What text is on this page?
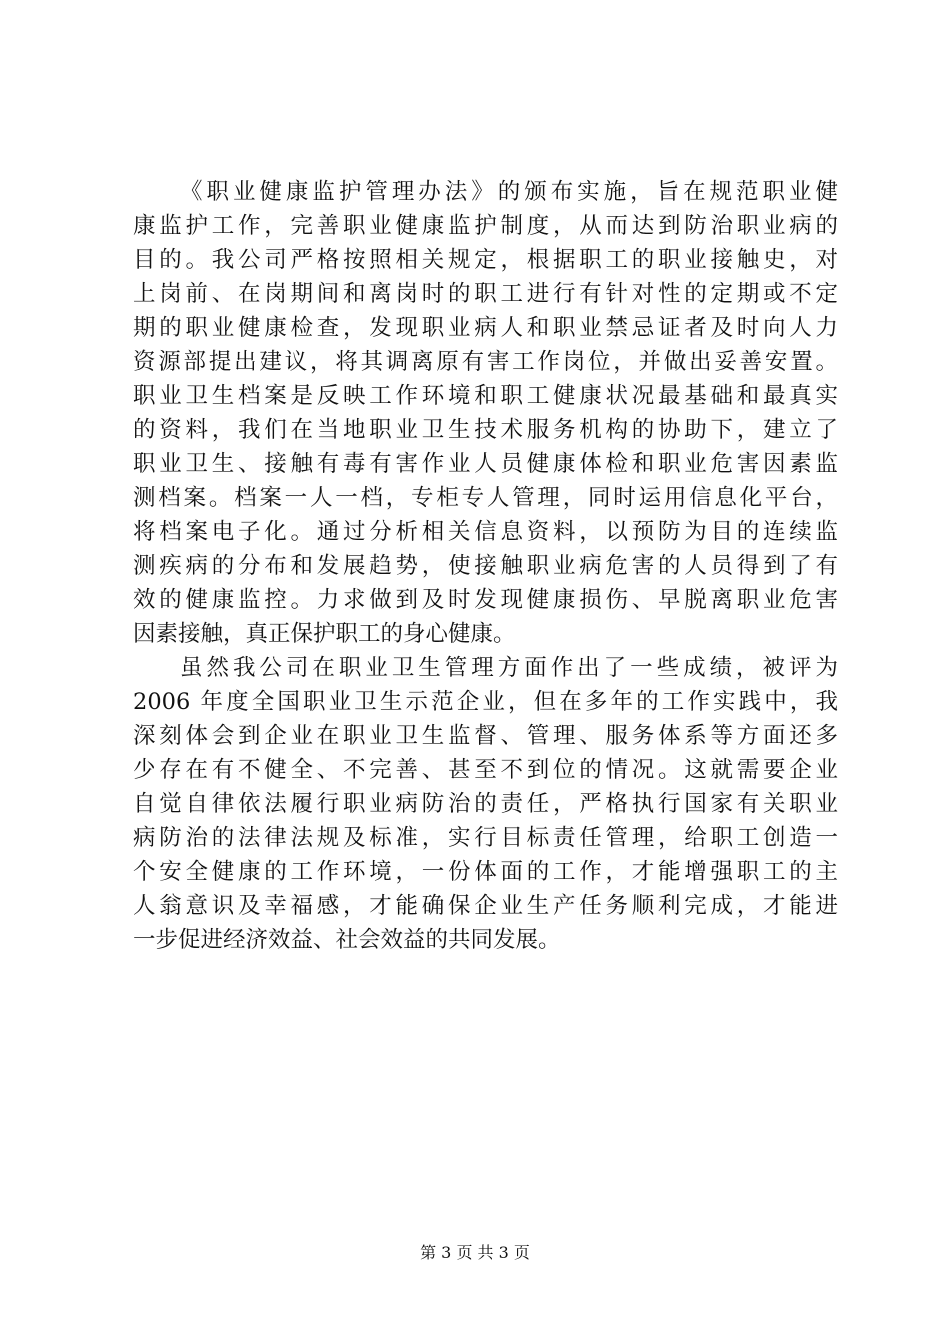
《职业健康监护管理办法》的颁布实施，旨在规范职业健
康监护工作，完善职业健康监护制度，从而达到防治职业病的
目的。我公司严格按照相关规定，根据职工的职业接触史，对
上岗前、在岗期间和离岗时的职工进行有针对性的定期或不定
期的职业健康检查，发现职业病人和职业禁忌证者及时向人力
资源部提出建议，将其调离原有害工作岗位，并做出妥善安置。
职业卫生档案是反映工作环境和职工健康状况最基础和最真实
的资料，我们在当地职业卫生技术服务机构的协助下，建立了
职业卫生、接触有毒有害作业人员健康体检和职业危害因素监
测档案。档案一人一档，专柜专人管理，同时运用信息化平台，
将档案电子化。通过分析相关信息资料，以预防为目的连续监
测疾病的分布和发展趋势，使接触职业病危害的人员得到了有
效的健康监控。力求做到及时发现健康损伤、早脱离职业危害
因素接触，真正保护职工的身心健康。
虽然我公司在职业卫生管理方面作出了一些成绩，被评为
2006 年度全国职业卫生示范企业，但在多年的工作实践中，我
深刻体会到企业在职业卫生监督、管理、服务体系等方面还多
少存在有不健全、不完善、甚至不到位的情况。这就需要企业
自觉自律依法履行职业病防治的责任，严格执行国家有关职业
病防治的法律法规及标准，实行目标责任管理，给职工创造一
个安全健康的工作环境，一份体面的工作，才能增强职工的主
人翁意识及幸福感，才能确保企业生产任务顺利完成，才能进
一步促进经济效益、社会效益的共同发展。
第 3 页 共 3 页
